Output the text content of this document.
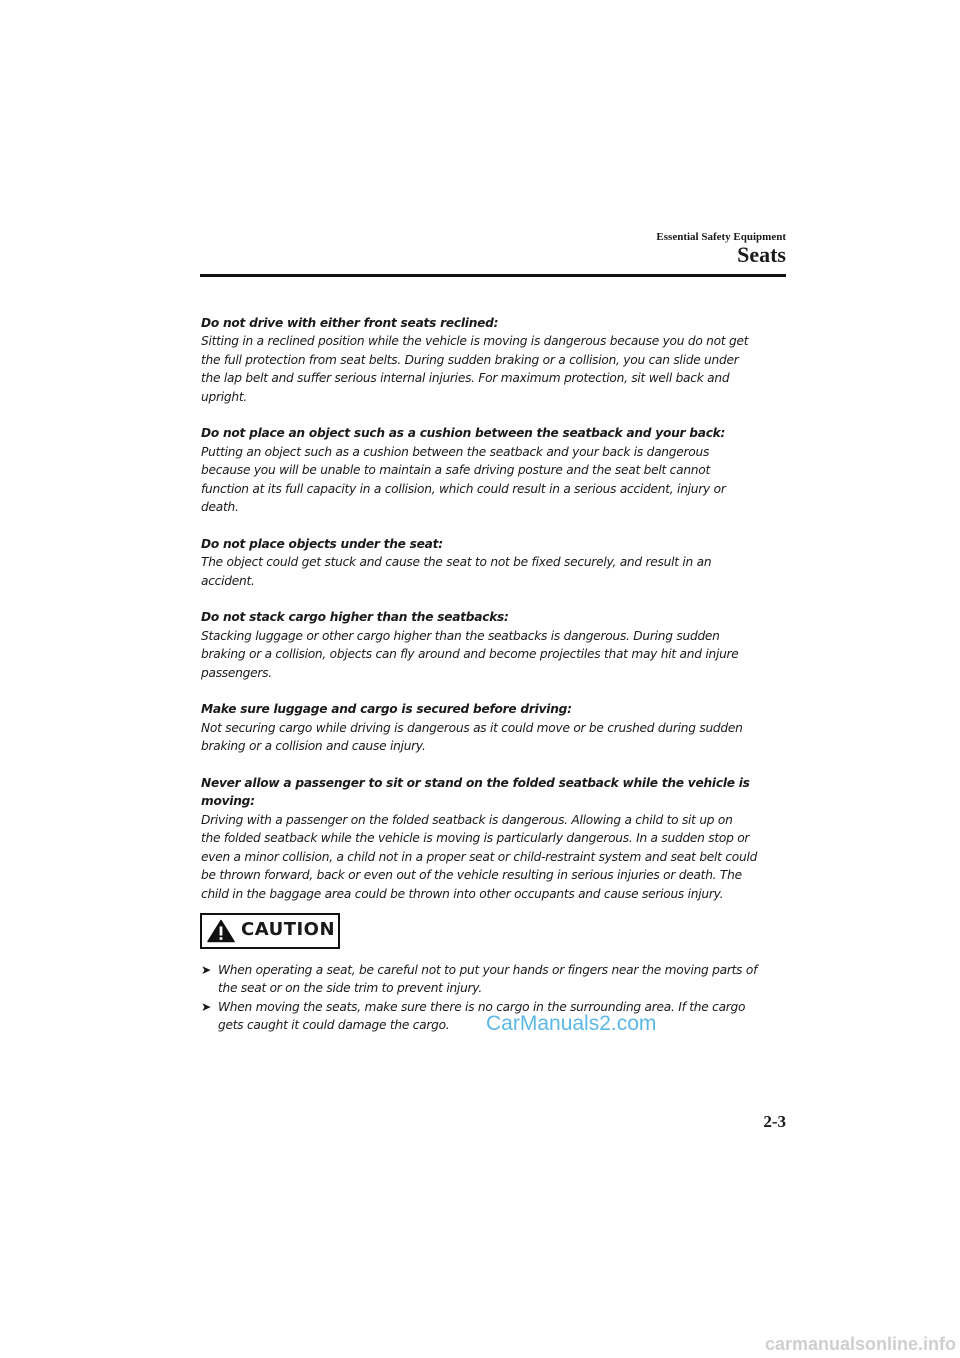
Essential Safety Equipment
Seats
Do not drive with either front seats reclined:
Sitting in a reclined position while the vehicle is moving is dangerous because you do not get
the full protection from seat belts. During sudden braking or a collision, you can slide under
the lap belt and suffer serious internal injuries. For maximum protection, sit well back and
upright.
Do not place an object such as a cushion between the seatback and your back:
Putting an object such as a cushion between the seatback and your back is dangerous
because you will be unable to maintain a safe driving posture and the seat belt cannot
function at its full capacity in a collision, which could result in a serious accident, injury or
death.
Do not place objects under the seat:
The object could get stuck and cause the seat to not be fixed securely, and result in an
accident.
Do not stack cargo higher than the seatbacks:
Stacking luggage or other cargo higher than the seatbacks is dangerous. During sudden
braking or a collision, objects can fly around and become projectiles that may hit and injure
passengers.
Make sure luggage and cargo is secured before driving:
Not securing cargo while driving is dangerous as it could move or be crushed during sudden
braking or a collision and cause injury.
Never allow a passenger to sit or stand on the folded seatback while the vehicle is moving:
Driving with a passenger on the folded seatback is dangerous. Allowing a child to sit up on
the folded seatback while the vehicle is moving is particularly dangerous. In a sudden stop or
even a minor collision, a child not in a proper seat or child-restraint system and seat belt could
be thrown forward, back or even out of the vehicle resulting in serious injuries or death. The
child in the baggage area could be thrown into other occupants and cause serious injury.
CAUTION
➤ When operating a seat, be careful not to put your hands or fingers near the moving parts of
the seat or on the side trim to prevent injury.
➤ When moving the seats, make sure there is no cargo in the surrounding area. If the cargo
gets caught it could damage the cargo.	CarManuals2.com
2-3
carmanualsonline.info
